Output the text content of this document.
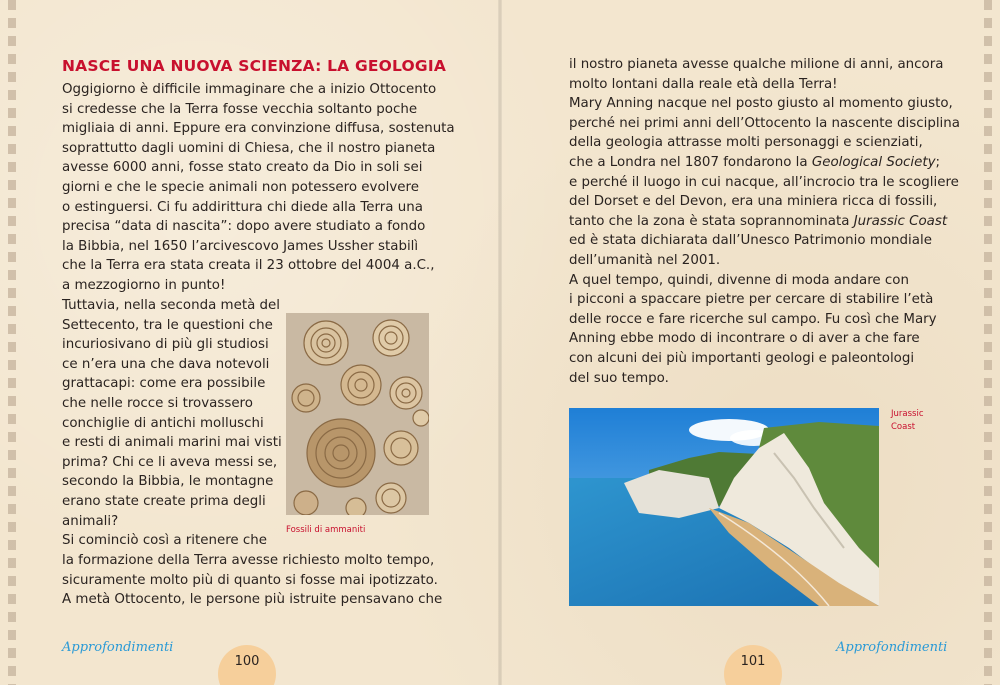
NASCE UNA NUOVA SCIENZA: LA GEOLOGIA
Oggigiorno è difficile immaginare che a inizio Ottocento
si credesse che la Terra fosse vecchia soltanto poche
migliaia di anni. Eppure era convinzione diffusa, sostenuta
soprattutto dagli uomini di Chiesa, che il nostro pianeta
avesse 6000 anni, fosse stato creato da Dio in soli sei
giorni e che le specie animali non potessero evolvere
o estinguersi. Ci fu addirittura chi diede alla Terra una
precisa “data di nascita”: dopo avere studiato a fondo
la Bibbia, nel 1650 l’arcivescovo James Ussher stabilì
che la Terra era stata creata il 23 ottobre del 4004 a.C.,
a mezzogiorno in punto!
Tuttavia, nella seconda metà del
Settecento, tra le questioni che
incuriosivano di più gli studiosi
ce n’era una che dava notevoli
grattacapi: come era possibile
che nelle rocce si trovassero
conchiglie di antichi molluschi
e resti di animali marini mai visti
prima? Chi ce li aveva messi se,
secondo la Bibbia, le montagne
erano state create prima degli
animali?
Si cominciò così a ritenere che
la formazione della Terra avesse richiesto molto tempo,
sicuramente molto più di quanto si fosse mai ipotizzato.
A metà Ottocento, le persone più istruite pensavano che
Fossili di ammaniti
Approfondimenti
100
il nostro pianeta avesse qualche milione di anni, ancora
molto lontani dalla reale età della Terra!
Mary Anning nacque nel posto giusto al momento giusto,
perché nei primi anni dell’Ottocento la nascente disciplina
della geologia attrasse molti personaggi e scienziati,
che a Londra nel 1807 fondarono la Geological Society;
e perché il luogo in cui nacque, all’incrocio tra le scogliere
del Dorset e del Devon, era una miniera ricca di fossili,
tanto che la zona è stata soprannominata Jurassic Coast
ed è stata dichiarata dall’Unesco Patrimonio mondiale
dell’umanità nel 2001.
A quel tempo, quindi, divenne di moda andare con
i picconi a spaccare pietre per cercare di stabilire l’età
delle rocce e fare ricerche sul campo. Fu così che Mary
Anning ebbe modo di incontrare o di aver a che fare
con alcuni dei più importanti geologi e paleontologi
del suo tempo.
Jurassic
Coast
Approfondimenti
101
